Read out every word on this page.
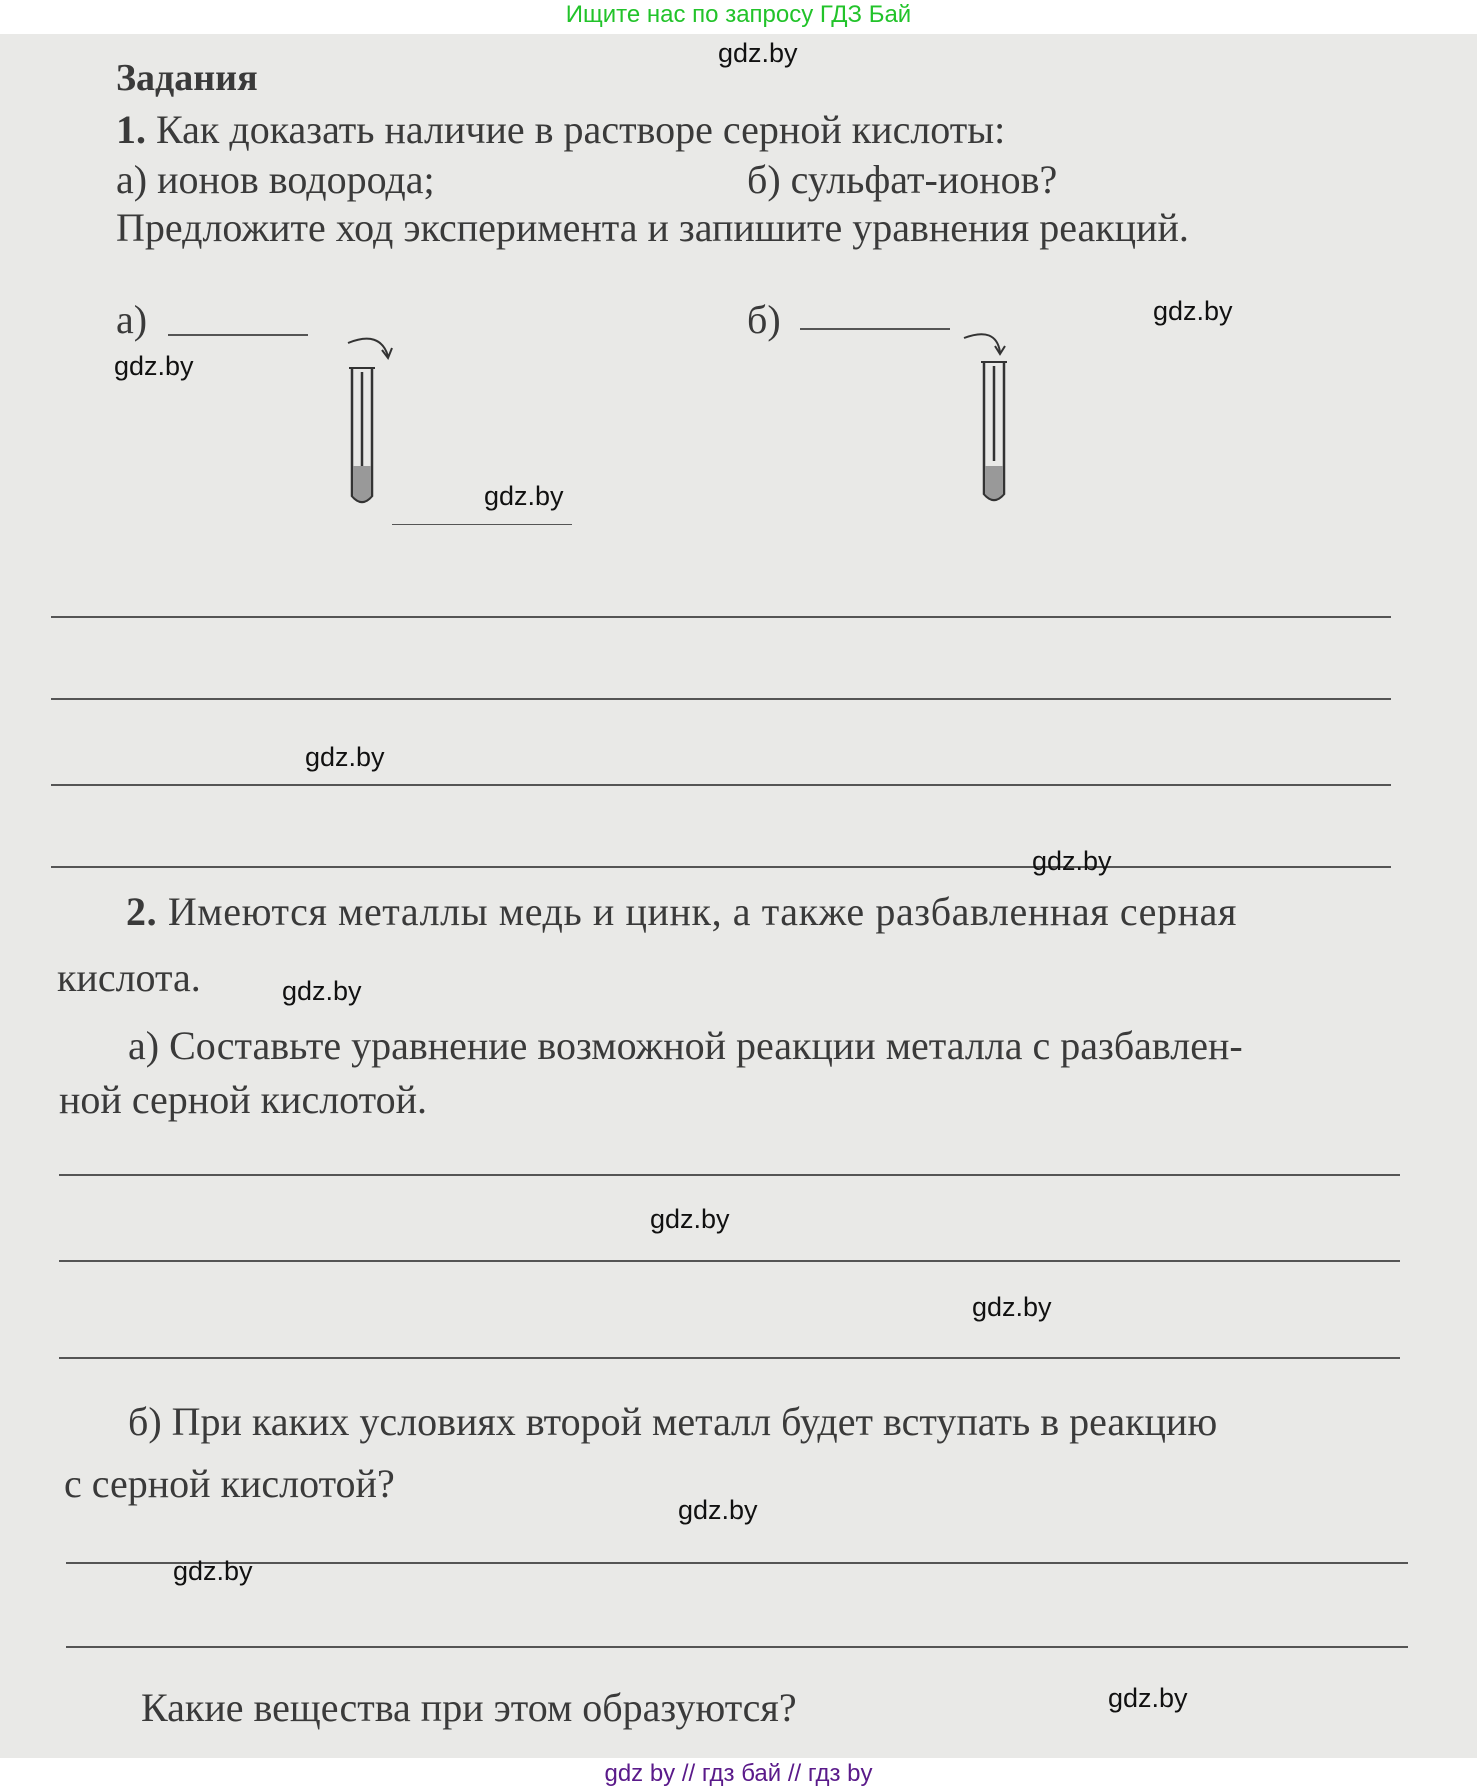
Ищите нас по запросу ГДЗ Бай
Задания
1. Как доказать наличие в растворе серной кислоты:
а) ионов водорода;	б) сульфат-ионов?
Предложите ход эксперимента и запишите уравнения реакций.
а)	б)
2. Имеются металлы медь и цинк, а также разбавленная серная
кислота.
а) Составьте уравнение возможной реакции металла с разбавлен-
ной серной кислотой.
б) При каких условиях второй металл будет вступать в реакцию
с серной кислотой?
Какие вещества при этом образуются?
gdz.by
gdz.by
gdz.by
gdz.by
gdz.by
gdz.by
gdz.by
gdz.by
gdz.by
gdz.by
gdz.by
gdz.by
gdz by // гдз бай // гдз by
